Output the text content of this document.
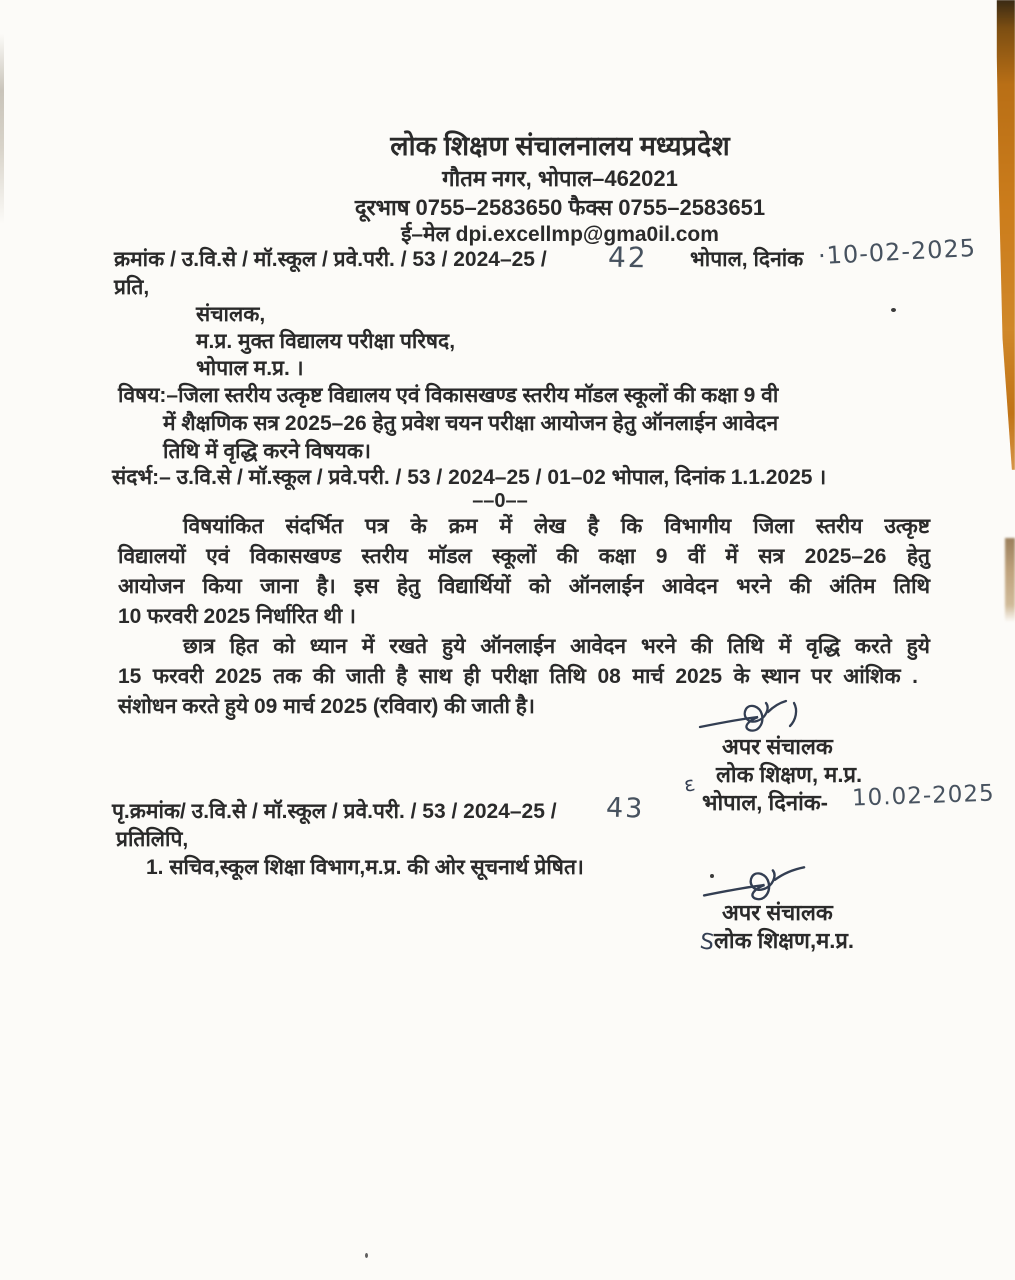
लोक शिक्षण संचालनालय मध्यप्रदेश
गौतम नगर, भोपाल–462021
दूरभाष 0755–2583650 फैक्स 0755–2583651
ई–मेल dpi.excellmp@gma0il.com
क्रमांक / उ.वि.से / मॉ.स्कूल / प्रवे.परी. / 53 / 2024–25 / 42 भोपाल, दिनांक ·10-02-2025
प्रति,
संचालक,
म.प्र. मुक्त विद्यालय परीक्षा परिषद,
भोपाल म.प्र. ।
विषय:–जिला स्तरीय उत्कृष्ट विद्यालय एवं विकासखण्ड स्तरीय मॉडल स्कूलों की कक्षा 9 वी
में शैक्षणिक सत्र 2025–26 हेतु प्रवेश चयन परीक्षा आयोजन हेतु ऑनलाईन आवेदन
तिथि में वृद्धि करने विषयक।
संदर्भ:– उ.वि.से / मॉ.स्कूल / प्रवे.परी. / 53 / 2024–25 / 01–02 भोपाल, दिनांक 1.1.2025 ।
––0––
विषयांकित संदर्भित पत्र के क्रम में लेख है कि विभागीय जिला स्तरीय उत्कृष्ट
विद्यालयों एवं विकासखण्ड स्तरीय मॉडल स्कूलों की कक्षा 9 वीं में सत्र 2025–26 हेतु
आयोजन किया जाना है। इस हेतु विद्यार्थियों को ऑनलाईन आवेदन भरने की अंतिम तिथि
10 फरवरी 2025 निर्धारित थी ।
छात्र हित को ध्यान में रखते हुये ऑनलाईन आवेदन भरने की तिथि में वृद्धि करते हुये
15 फरवरी 2025 तक की जाती है साथ ही परीक्षा तिथि 08 मार्च 2025 के स्थान पर आंशिक .
संशोधन करते हुये 09 मार्च 2025 (रविवार) की जाती है।
अपर संचालक
लोक शिक्षण, म.प्र.
ε
भोपाल, दिनांक- 10.02-2025
पृ.क्रमांक/ उ.वि.से / मॉ.स्कूल / प्रवे.परी. / 53 / 2024–25 / 43
प्रतिलिपि,
1. सचिव,स्कूल शिक्षा विभाग,म.प्र. की ओर सूचनार्थ प्रेषित।
अपर संचालक
S
लोक शिक्षण,म.प्र.
